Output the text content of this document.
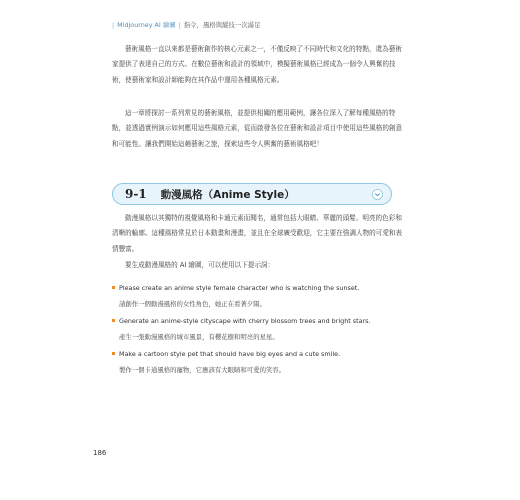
| Midjourney AI 繪圖 | 指令，風格與縱技一次滿足

藝術風格一直以來都是藝術創作的核心元素之一，不僅反映了不同時代和文化的特點，還為藝術家提供了表達自己的方式。在數位藝術和設計的領域中，模擬藝術風格已經成為一個令人興奮的技術，使藝術家和設計師能夠在其作品中運用各種風格元素。

這一章將探討一系列常見的藝術風格，並提供相關的應用範例，讓各位深入了解每種風格的特點，並透過實例演示如何應用這些風格元素，從而啟發各位在藝術和設計項目中使用這些風格的創意和可能性。讓我們開始這趟藝術之旅，探索這些令人興奮的藝術風格吧！

9-1 動漫風格（Anime Style）

動漫風格以其獨特的視覺風格和卡通元素而聞名，通常包括大眼睛、華麗的頭髮、明亮的色彩和清晰的輪廓。這種風格常見於日本動畫和漫畫，並且在全球廣受歡迎，它主要在強調人物的可愛和表情豐富。

要生成動漫風格的 AI 繪圖，可以使用以下提示詞：

Please create an anime style female character who is watching the sunset.
請創作一個動漫風格的女性角色，她正在看著夕陽。
Generate an anime-style cityscape with cherry blossom trees and bright stars.
產生一張動漫風格的城市風景，有櫻花樹和明亮的星星。
Make a cartoon style pet that should have big eyes and a cute smile.
製作一個卡通風格的寵物，它應該有大眼睛和可愛的笑容。
186
